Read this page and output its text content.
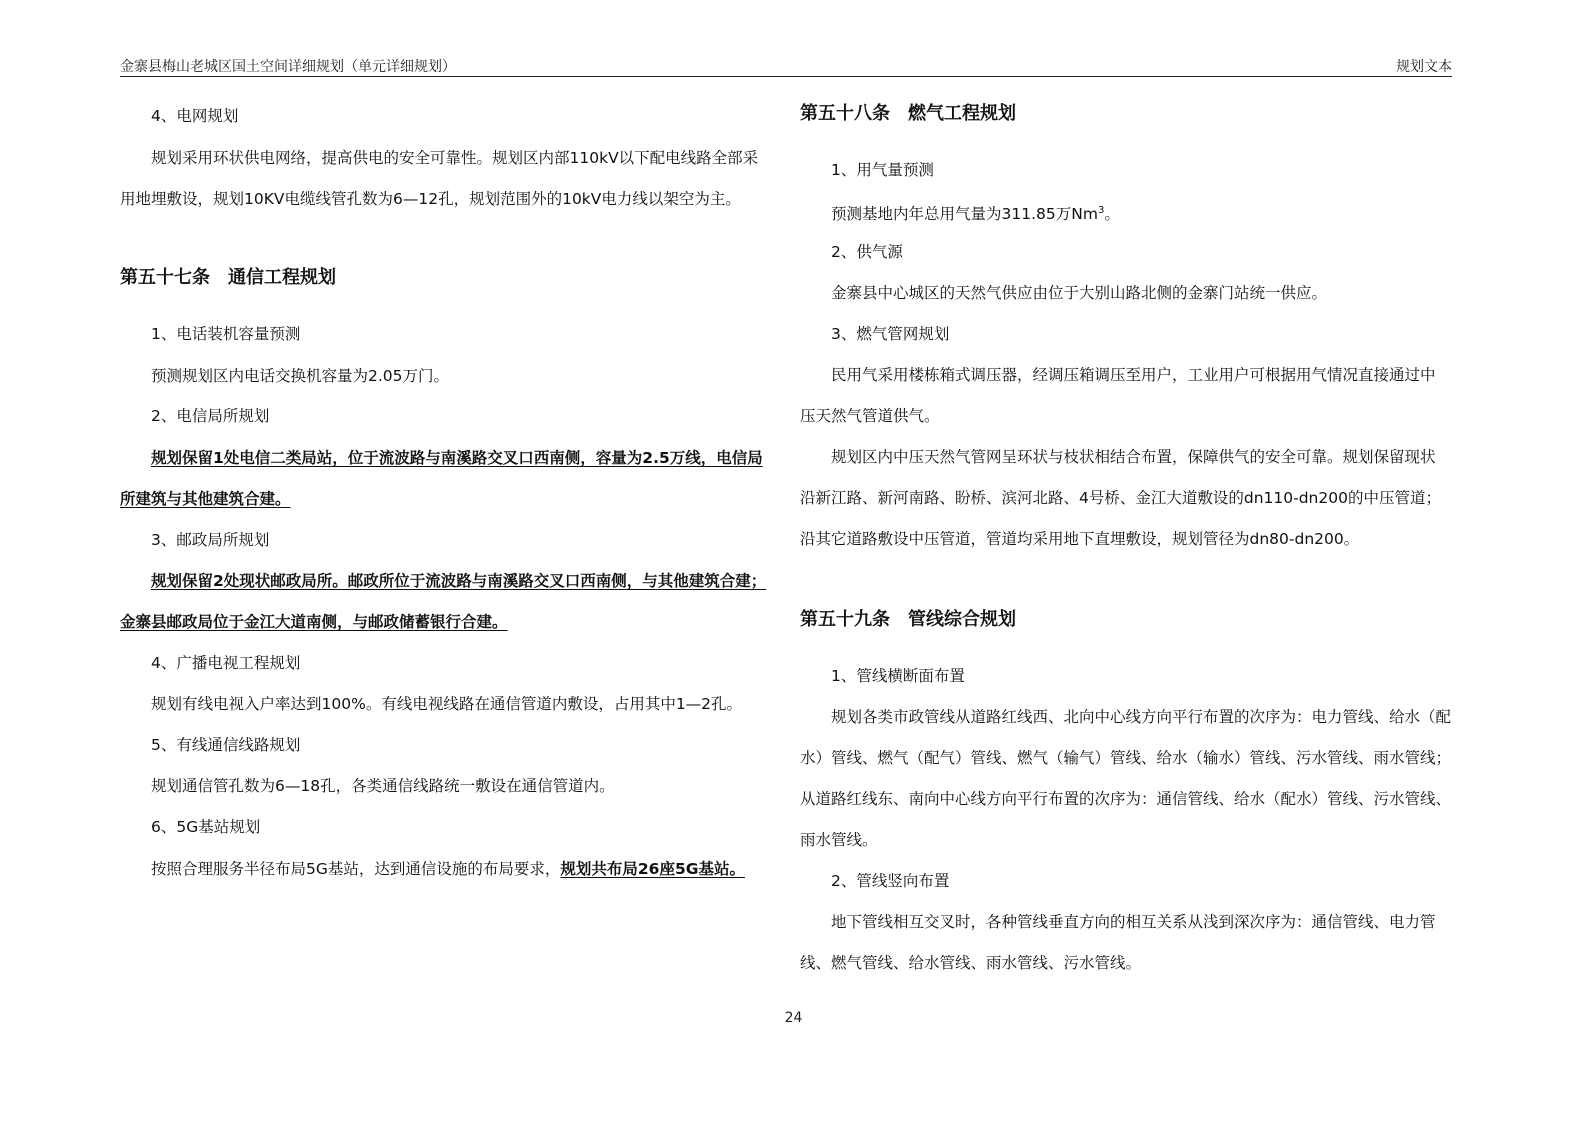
金寨县梅山老城区国土空间详细规划（单元详细规划）	规划文本
4、电网规划
规划采用环状供电网络，提高供电的安全可靠性。规划区内部110kV以下配电线路全部采
用地埋敷设，规划10KV电缆线管孔数为6—12孔，规划范围外的10kV电力线以架空为主。
第五十七条 通信工程规划
1、电话装机容量预测
预测规划区内电话交换机容量为2.05万门。
2、电信局所规划
规划保留1处电信二类局站，位于流波路与南溪路交叉口西南侧，容量为2.5万线，电信局
所建筑与其他建筑合建。
3、邮政局所规划
规划保留2处现状邮政局所。邮政所位于流波路与南溪路交叉口西南侧，与其他建筑合建；
金寨县邮政局位于金江大道南侧，与邮政储蓄银行合建。
4、广播电视工程规划
规划有线电视入户率达到100%。有线电视线路在通信管道内敷设，占用其中1—2孔。
5、有线通信线路规划
规划通信管孔数为6—18孔，各类通信线路统一敷设在通信管道内。
6、5G基站规划
按照合理服务半径布局5G基站，达到通信设施的布局要求，规划共布局26座5G基站。
第五十八条 燃气工程规划
1、用气量预测
预测基地内年总用气量为311.85万Nm$^3$。
2、供气源
金寨县中心城区的天然气供应由位于大别山路北侧的金寨门站统一供应。
3、燃气管网规划
民用气采用楼栋箱式调压器，经调压箱调压至用户，工业用户可根据用气情况直接通过中
压天然气管道供气。
规划区内中压天然气管网呈环状与枝状相结合布置，保障供气的安全可靠。规划保留现状
沿新江路、新河南路、盼桥、滨河北路、4号桥、金江大道敷设的dn110-dn200的中压管道；
沿其它道路敷设中压管道，管道均采用地下直埋敷设，规划管径为dn80-dn200。
第五十九条 管线综合规划
1、管线横断面布置
规划各类市政管线从道路红线西、北向中心线方向平行布置的次序为：电力管线、给水（配
水）管线、燃气（配气）管线、燃气（输气）管线、给水（输水）管线、污水管线、雨水管线；
从道路红线东、南向中心线方向平行布置的次序为：通信管线、给水（配水）管线、污水管线、
雨水管线。
2、管线竖向布置
地下管线相互交叉时，各种管线垂直方向的相互关系从浅到深次序为：通信管线、电力管
线、燃气管线、给水管线、雨水管线、污水管线。
24
